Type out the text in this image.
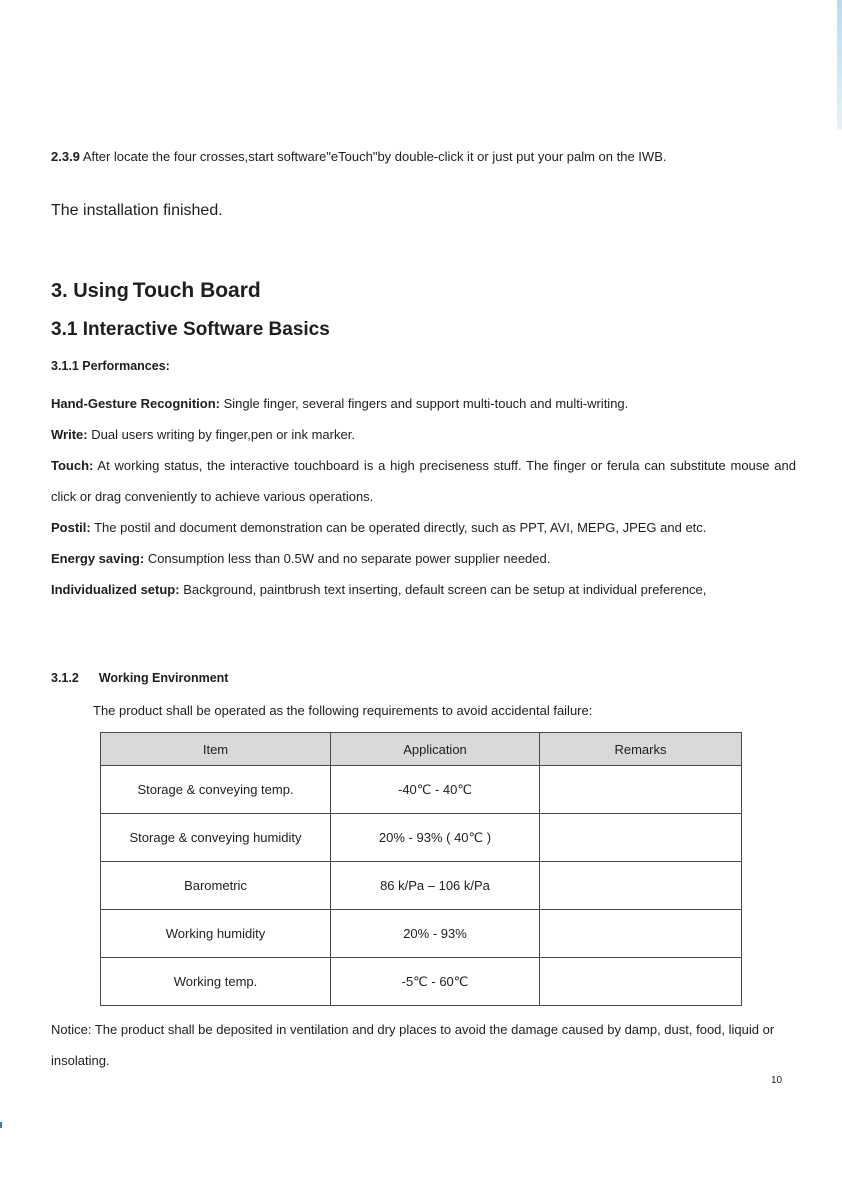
2.3.9 After locate the four crosses,start software"eTouch"by double-click it or just put your palm on the IWB.
The installation finished.
3. Using Touch Board
3.1 Interactive Software Basics
3.1.1 Performances:

Hand-Gesture Recognition: Single finger, several fingers and support multi-touch and multi-writing.

Write: Dual users writing by finger,pen or ink marker.

Touch: At working status, the interactive touchboard is a high preciseness stuff. The finger or ferula can substitute mouse and click or drag conveniently to achieve various operations.

Postil: The postil and document demonstration can be operated directly, such as PPT, AVI, MEPG, JPEG and etc.

Energy saving: Consumption less than 0.5W and no separate power supplier needed.

Individualized setup: Background, paintbrush text inserting, default screen can be setup at individual preference,

3.1.2 Working Environment
The product shall be operated as the following requirements to avoid accidental failure:
Item	Application	Remarks
Storage & conveying temp.	-40℃ - 40℃	
Storage & conveying humidity	20% - 93% ( 40℃ )	
Barometric	86 k/Pa – 106 k/Pa	
Working humidity	20% - 93%	
Working temp.	-5℃ - 60℃	

Notice: The product shall be deposited in ventilation and dry places to avoid the damage caused by damp, dust, food, liquid or insolating.

10
